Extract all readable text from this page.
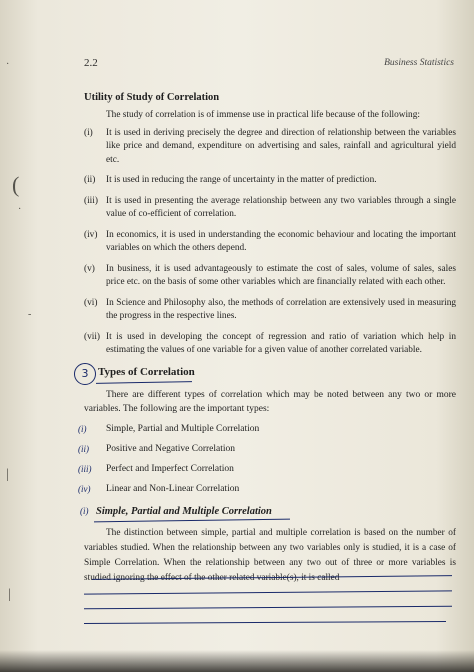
·
(
·
-
|
|
2.2	Business Statistics
Utility of Study of Correlation

The study of correlation is of immense use in practical life because of the following:

(i) It is used in deriving precisely the degree and direction of relationship between the variables like price and demand, expenditure on advertising and sales, rainfall and agricultural yield etc.
(ii) It is used in reducing the range of uncertainty in the matter of prediction.
(iii) It is used in presenting the average relationship between any two variables through a single value of co-efficient of correlation.
(iv) In economics, it is used in understanding the economic behaviour and locating the important variables on which the others depend.
(v) In business, it is used advantageously to estimate the cost of sales, volume of sales, sales price etc. on the basis of some other variables which are financially related with each other.
(vi) In Science and Philosophy also, the methods of correlation are extensively used in measuring the progress in the respective lines.
(vii) It is used in developing the concept of regression and ratio of variation which help in estimating the values of one variable for a given value of another correlated variable.
3 Types of Correlation

There are different types of correlation which may be noted between any two or more variables. The following are the important types:

(i) Simple, Partial and Multiple Correlation
(ii) Positive and Negative Correlation
(iii) Perfect and Imperfect Correlation
(iv) Linear and Non-Linear Correlation
(i) Simple, Partial and Multiple Correlation

The distinction between simple, partial and multiple correlation is based on the number of variables studied. When the relationship between any two variables only is studied, it is a case of Simple Correlation. When the relationship between any two out of three or more variables is studied ignoring the effect of the other related variable(s), it is called
